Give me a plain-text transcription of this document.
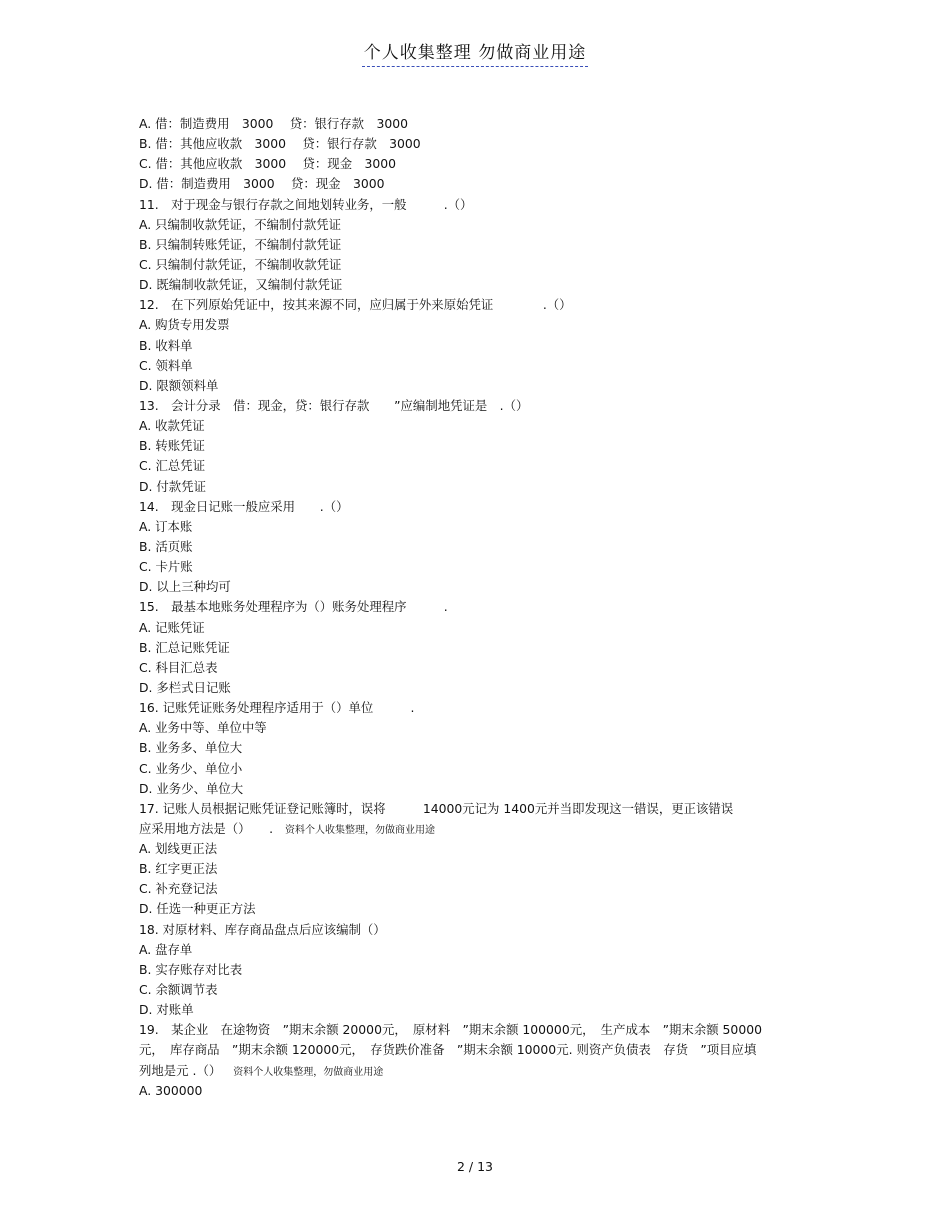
个人收集整理 勿做商业用途
A. 借：制造费用　3000　 贷：银行存款　3000
B. 借：其他应收款　3000　 贷：银行存款　3000
C. 借：其他应收款　3000　 贷：现金　3000
D. 借：制造费用　3000　 贷：现金　3000
11.　对于现金与银行存款之间地划转业务，一般　　　.（）
A. 只编制收款凭证，不编制付款凭证
B. 只编制转账凭证，不编制付款凭证
C. 只编制付款凭证，不编制收款凭证
D. 既编制收款凭证，又编制付款凭证
12.　在下列原始凭证中，按其来源不同，应归属于外来原始凭证　　　　.（）
A. 购货专用发票
B. 收料单
C. 领料单
D. 限额领料单
13.　会计分录　借：现金，贷：银行存款　　”应编制地凭证是　.（）
A. 收款凭证
B. 转账凭证
C. 汇总凭证
D. 付款凭证
14.　现金日记账一般应采用　　.（）
A. 订本账
B. 活页账
C. 卡片账
D. 以上三种均可
15.　最基本地账务处理程序为（）账务处理程序　　　.
A. 记账凭证
B. 汇总记账凭证
C. 科目汇总表
D. 多栏式日记账
16. 记账凭证账务处理程序适用于（）单位　　　.
A. 业务中等、单位中等
B. 业务多、单位大
C. 业务少、单位小
D. 业务少、单位大
17. 记账人员根据记账凭证登记账簿时，误将　　　14000元记为 1400元并当即发现这一错误，更正该错误
应采用地方法是（）　　. 资料个人收集整理，勿做商业用途
A. 划线更正法
B. 红字更正法
C. 补充登记法
D. 任选一种更正方法
18. 对原材料、库存商品盘点后应该编制（）
A. 盘存单
B. 实存账存对比表
C. 余额调节表
D. 对账单
19.　某企业　在途物资　”期末余额 20000元，　原材料　”期末余额 100000元，　生产成本　”期末余额 50000
元，　库存商品　”期末余额 120000元，　存货跌价准备　”期末余额 10000元. 则资产负债表　存货　”项目应填
列地是元 .（） 资料个人收集整理，勿做商业用途
A. 300000
2 / 13
